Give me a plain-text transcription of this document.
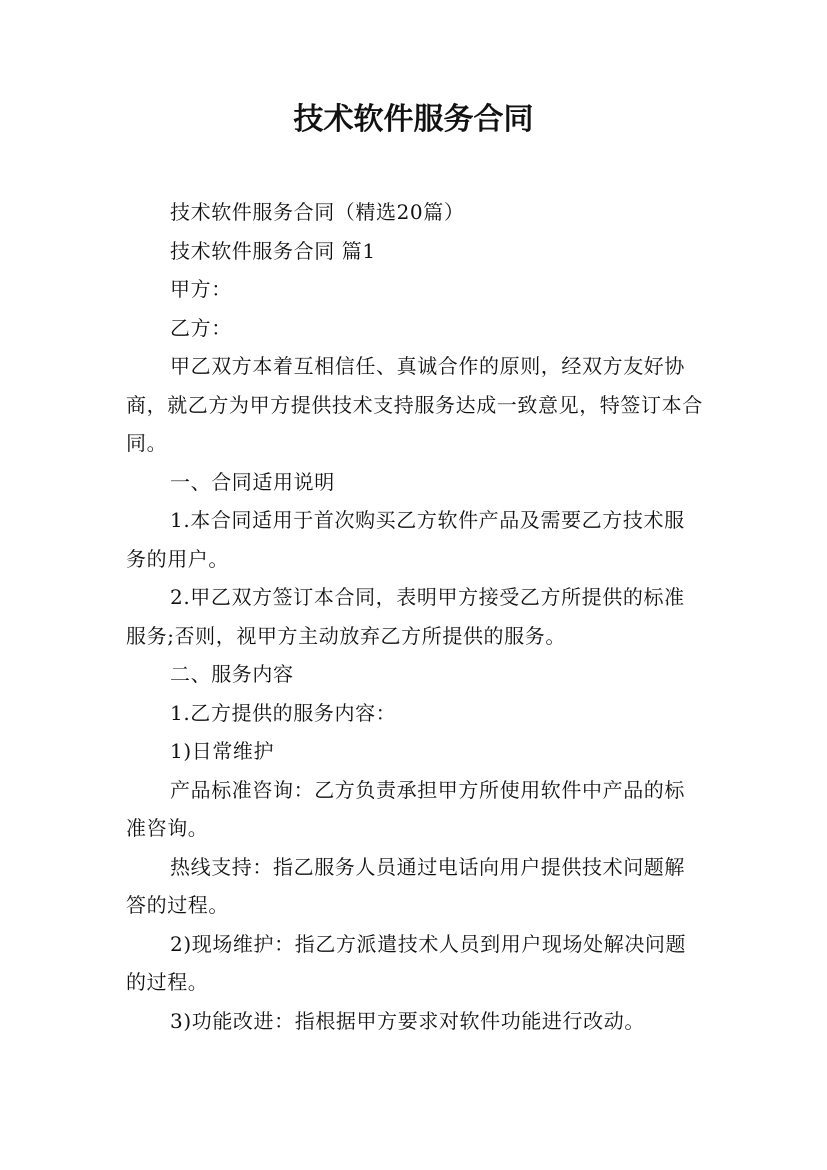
技术软件服务合同

技术软件服务合同（精选20篇）

技术软件服务合同 篇1

甲方：

乙方：

甲乙双方本着互相信任、真诚合作的原则，经双方友好协商，就乙方为甲方提供技术支持服务达成一致意见，特签订本合同。

一、合同适用说明

1.本合同适用于首次购买乙方软件产品及需要乙方技术服务的用户。

2.甲乙双方签订本合同，表明甲方接受乙方所提供的标准服务;否则，视甲方主动放弃乙方所提供的服务。

二、服务内容

1.乙方提供的服务内容：

1)日常维护

产品标准咨询：乙方负责承担甲方所使用软件中产品的标准咨询。

热线支持：指乙服务人员通过电话向用户提供技术问题解答的过程。

2)现场维护：指乙方派遣技术人员到用户现场处解决问题的过程。

3)功能改进：指根据甲方要求对软件功能进行改动。
